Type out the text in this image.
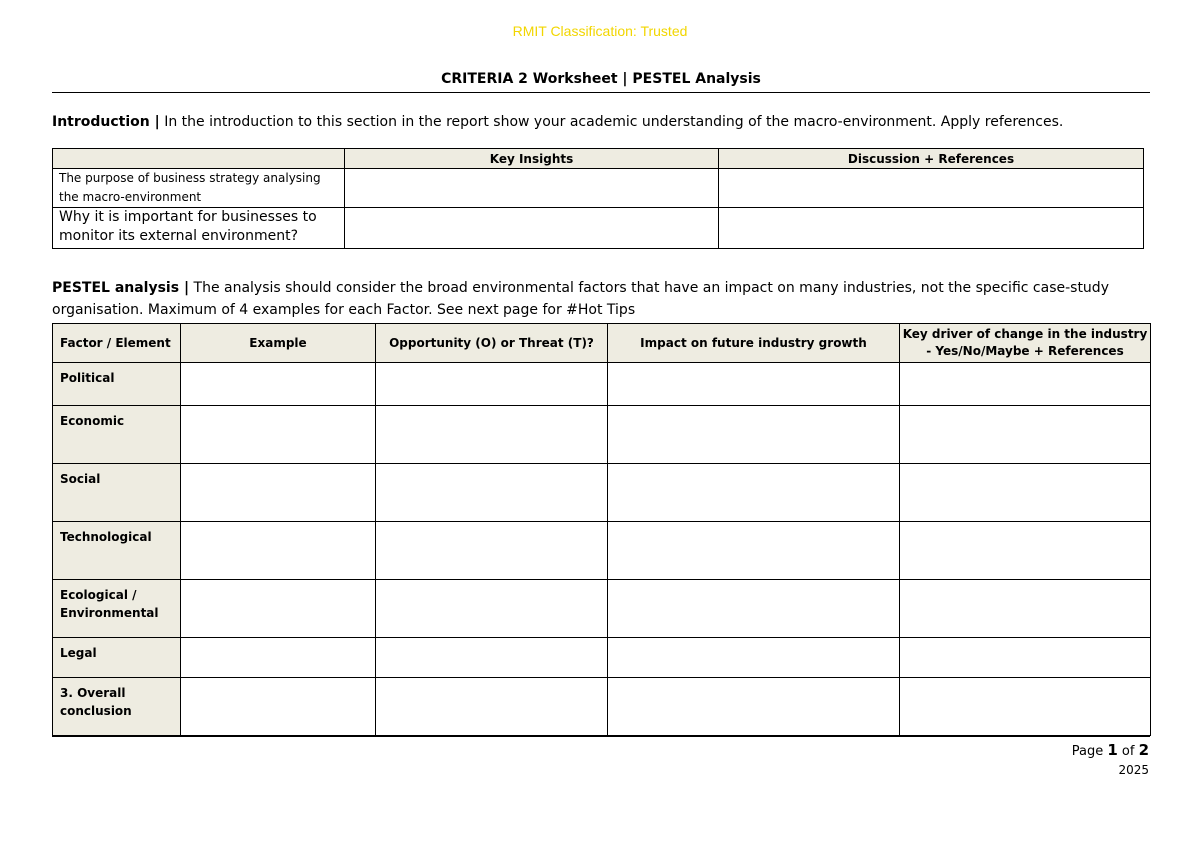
RMIT Classification: Trusted
CRITERIA 2 Worksheet | PESTEL Analysis
Introduction | In the introduction to this section in the report show your academic understanding of the macro-environment. Apply references.
	Key Insights	Discussion + References
The purpose of business strategy analysing the macro-environment		
Why it is important for businesses to monitor its external environment?		
PESTEL analysis | The analysis should consider the broad environmental factors that have an impact on many industries, not the specific case-study organisation. Maximum of 4 examples for each Factor. See next page for #Hot Tips
Factor / Element	Example	Opportunity (O) or Threat (T)?	Impact on future industry growth	Key driver of change in the industry - Yes/No/Maybe + References
Political				
Economic				
Social				
Technological				
Ecological / Environmental				
Legal				
3. Overall conclusion				
Page 1 of 2
2025
